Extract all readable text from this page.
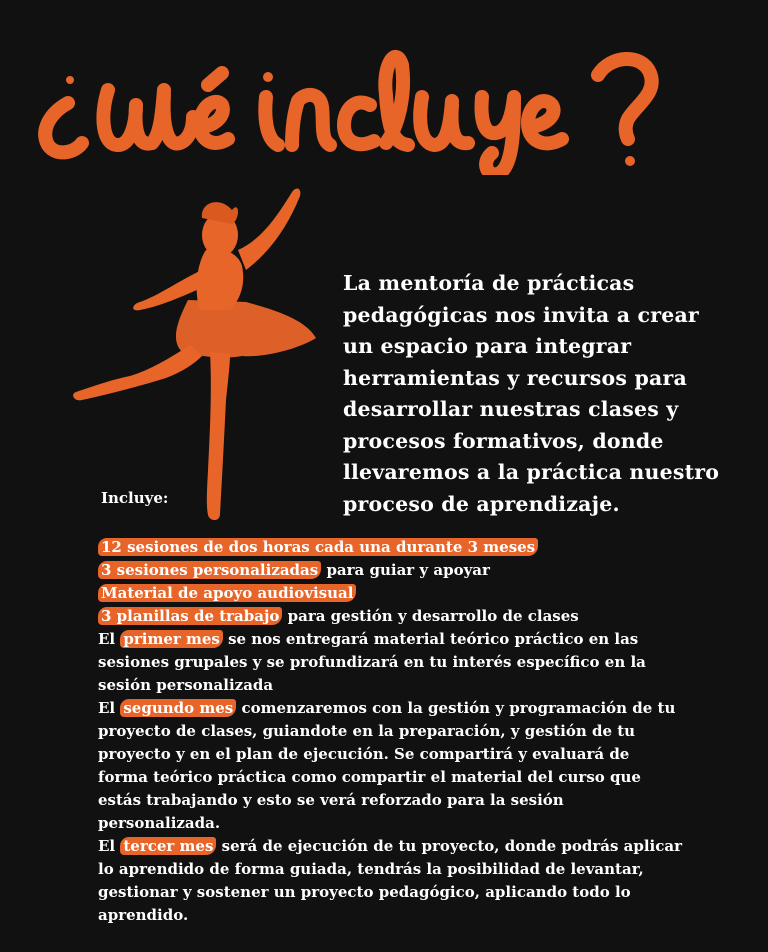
La mentoría de prácticas
pedagógicas nos invita a crear
un espacio para integrar
herramientas y recursos para
desarrollar nuestras clases y
procesos formativos, donde
llevaremos a la práctica nuestro
proceso de aprendizaje.
Incluye:
12 sesiones de dos horas cada una durante 3 meses
3 sesiones personalizadas para guiar y apoyar
Material de apoyo audiovisual
3 planillas de trabajo para gestión y desarrollo de clases
El primer mes se nos entregará material teórico práctico en las
sesiones grupales y se profundizará en tu interés específico en la
sesión personalizada
El segundo mes comenzaremos con la gestión y programación de tu
proyecto de clases, guiandote en la preparación, y gestión de tu
proyecto y en el plan de ejecución. Se compartirá y evaluará de
forma teórico práctica como compartir el material del curso que
estás trabajando y esto se verá reforzado para la sesión
personalizada.
El tercer mes será de ejecución de tu proyecto, donde podrás aplicar
lo aprendido de forma guiada, tendrás la posibilidad de levantar,
gestionar y sostener un proyecto pedagógico, aplicando todo lo
aprendido.
